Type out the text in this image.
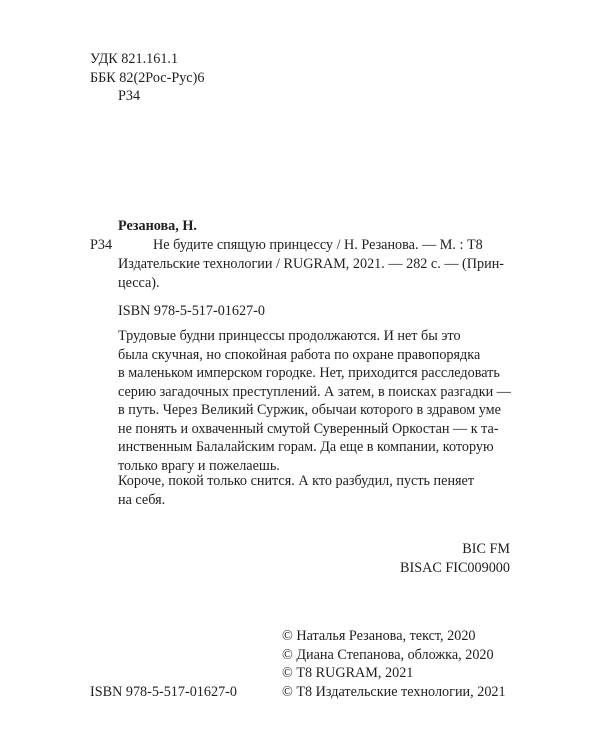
УДК 821.161.1
ББК 82(2Рос-Рус)6
Р34
Резанова, Н.
Р34	Не будите спящую принцессу / Н. Резанова. — М. : Т8
Издательские технологии / RUGRAM, 2021. — 282 с. — (Прин-
цесса).
ISBN 978-5-517-01627-0
Трудовые будни принцессы продолжаются. И нет бы это
была скучная, но спокойная работа по охране правопорядка
в маленьком имперском городке. Нет, приходится расследовать
серию загадочных преступлений. А затем, в поисках разгадки —
в путь. Через Великий Суржик, обычаи которого в здравом уме
не понять и охваченный смутой Суверенный Оркостан — к та-
инственным Балалайским горам. Да еще в компании, которую
только врагу и пожелаешь.
Короче, покой только снится. А кто разбудил, пусть пеняет
на себя.
BIC FM
BISAC FIC009000
ISBN 978-5-517-01627-0
© Наталья Резанова, текст, 2020
© Диана Степанова, обложка, 2020
© Т8 RUGRAM, 2021
© Т8 Издательские технологии, 2021
